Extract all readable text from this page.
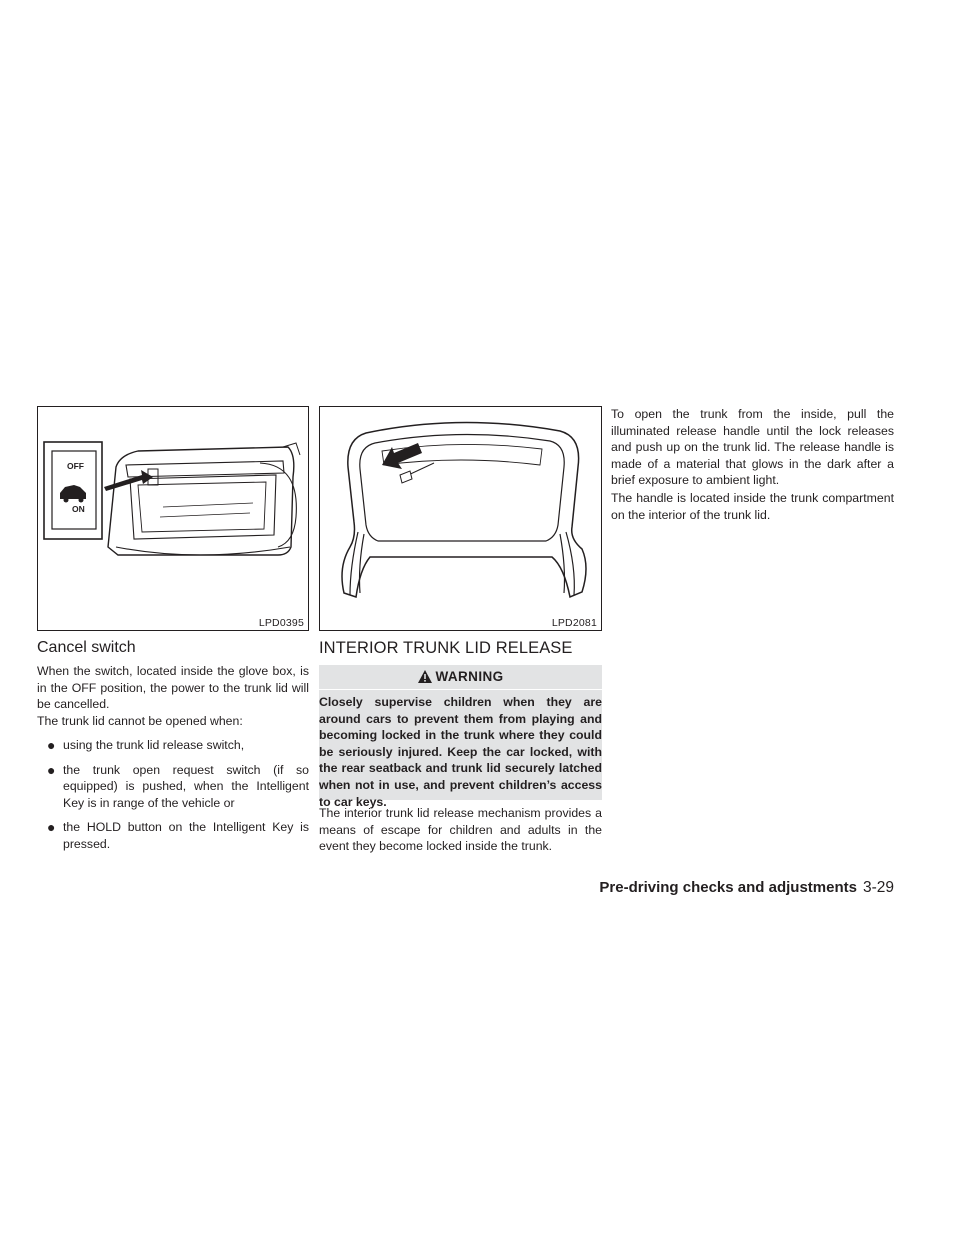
OFF
ON
LPD0395	LPD2081
Cancel switch

When the switch, located inside the glove box, is in the OFF position, the power to the trunk lid will be cancelled.

The trunk lid cannot be opened when:

● using the trunk lid release switch,
● the trunk open request switch (if so equipped) is pushed, when the Intelligent Key is in range of the vehicle or
● the HOLD button on the Intelligent Key is pressed.
INTERIOR TRUNK LID RELEASE
WARNING

Closely supervise children when they are around cars to prevent them from playing and becoming locked in the trunk where they could be seriously injured. Keep the car locked, with the rear seatback and trunk lid securely latched when not in use, and prevent children’s access to car keys.

The interior trunk lid release mechanism provides a means of escape for children and adults in the event they become locked inside the trunk.

To open the trunk from the inside, pull the illuminated release handle until the lock releases and push up on the trunk lid. The release handle is made of a material that glows in the dark after a brief exposure to ambient light.

The handle is located inside the trunk compartment on the interior of the trunk lid.

Pre-driving checks and adjustments 3-29
